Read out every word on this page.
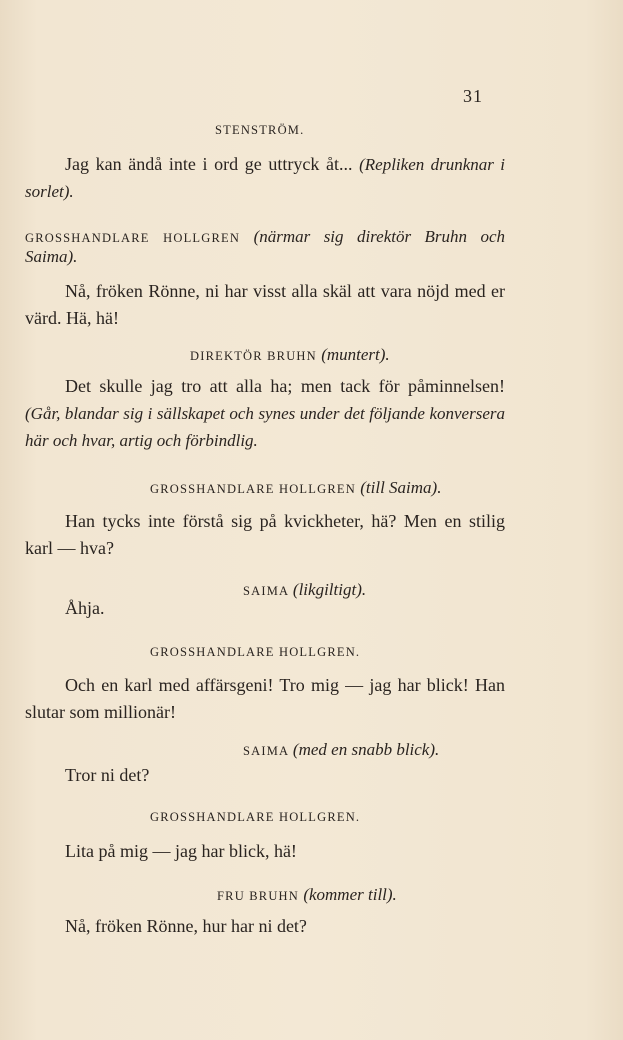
31

STENSTRÖM.

Jag kan ändå inte i ord ge uttryck åt... (Repliken drunknar i sorlet).

GROSSHANDLARE HOLLGREN (närmar sig direktör Bruhn och Saima).

Nå, fröken Rönne, ni har visst alla skäl att vara nöjd med er värd. Hä, hä!

DIREKTÖR BRUHN (muntert).

Det skulle jag tro att alla ha; men tack för påminnelsen! (Går, blandar sig i sällskapet och synes under det följande konversera här och hvar, artig och förbindlig.

GROSSHANDLARE HOLLGREN (till Saima).

Han tycks inte förstå sig på kvickheter, hä? Men en stilig karl — hva?

SAIMA (likgiltigt).

Åhja.

GROSSHANDLARE HOLLGREN.

Och en karl med affärsgeni! Tro mig — jag har blick! Han slutar som millionär!

SAIMA (med en snabb blick).

Tror ni det?

GROSSHANDLARE HOLLGREN.

Lita på mig — jag har blick, hä!

FRU BRUHN (kommer till).

Nå, fröken Rönne, hur har ni det?
